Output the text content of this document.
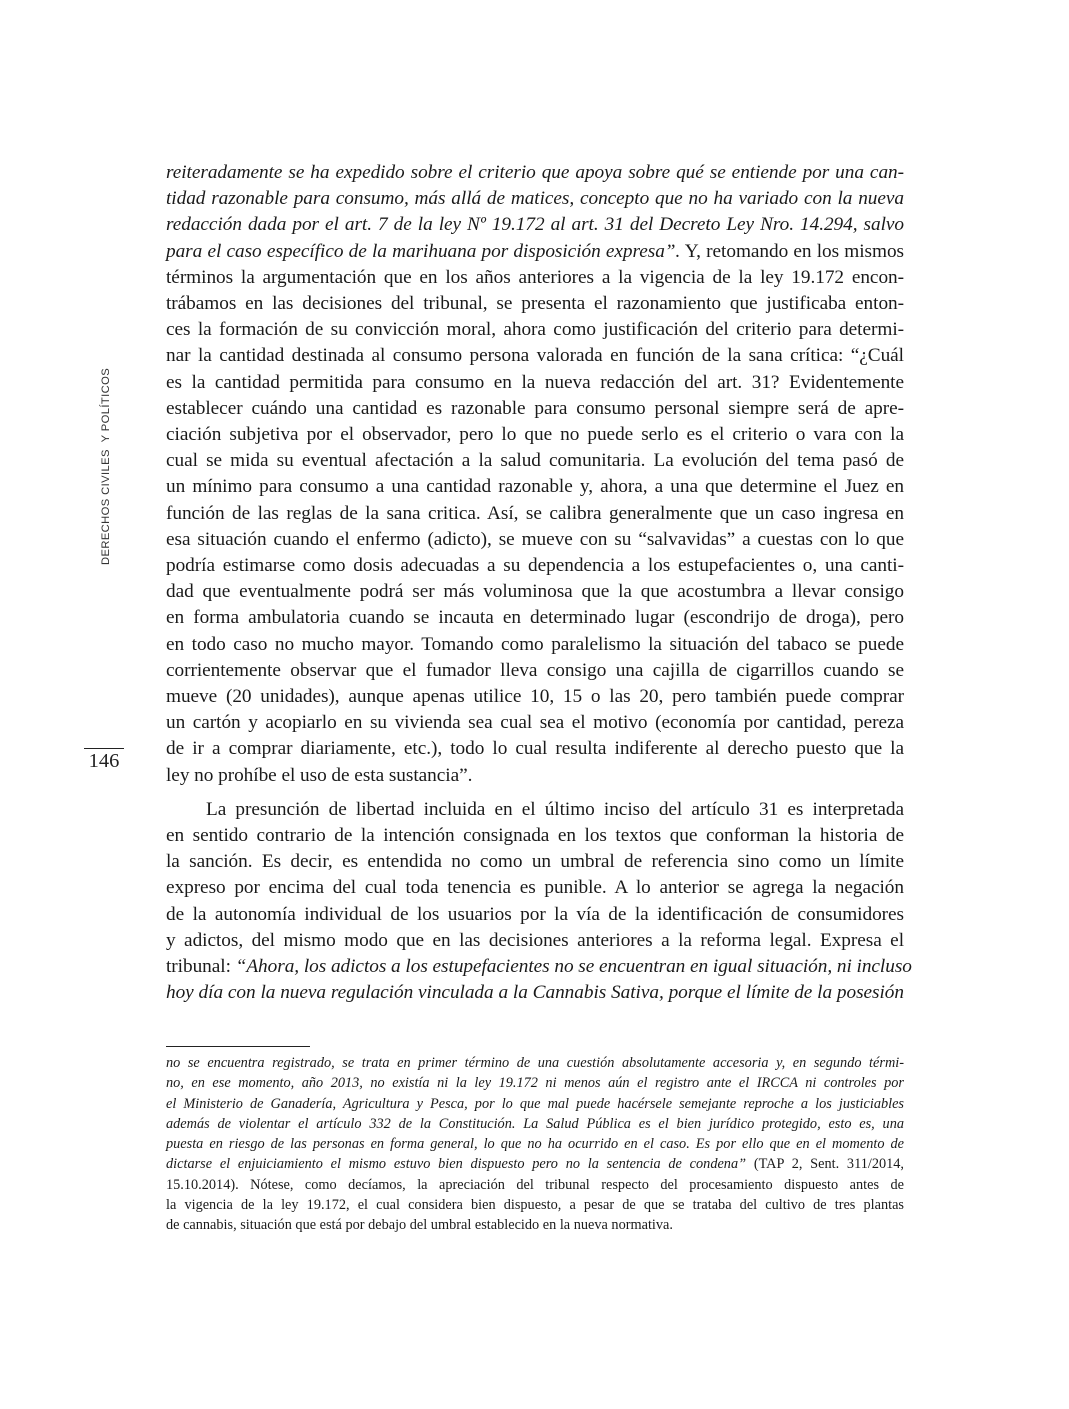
DERECHOS CIVILES  Y POLÍTICOS
146

reiteradamente se ha expedido sobre el criterio que apoya sobre qué se entiende por una can-
tidad razonable para consumo, más allá de matices, concepto que no ha variado con la nueva
redacción dada por el art. 7 de la ley Nº 19.172 al art. 31 del Decreto Ley Nro. 14.294, salvo
para el caso específico de la marihuana por disposición expresa”. Y, retomando en los mismos
términos la argumentación que en los años anteriores a la vigencia de la ley 19.172 encon-
trábamos en las decisiones del tribunal, se presenta el razonamiento que justificaba enton-
ces la formación de su convicción moral, ahora como justificación del criterio para determi-
nar la cantidad destinada al consumo persona valorada en función de la sana crítica: “¿Cuál
es la cantidad permitida para consumo en la nueva redacción del art. 31? Evidentemente
establecer cuándo una cantidad es razonable para consumo personal siempre será de apre-
ciación subjetiva por el observador, pero lo que no puede serlo es el criterio o vara con la
cual se mida su eventual afectación a la salud comunitaria. La evolución del tema pasó de
un mínimo para consumo a una cantidad razonable y, ahora, a una que determine el Juez en
función de las reglas de la sana critica. Así, se calibra generalmente que un caso ingresa en
esa situación cuando el enfermo (adicto), se mueve con su “salvavidas” a cuestas con lo que
podría estimarse como dosis adecuadas a su dependencia a los estupefacientes o, una canti-
dad que eventualmente podrá ser más voluminosa que la que acostumbra a llevar consigo
en forma ambulatoria cuando se incauta en determinado lugar (escondrijo de droga), pero
en todo caso no mucho mayor. Tomando como paralelismo la situación del tabaco se puede
corrientemente observar que el fumador lleva consigo una cajilla de cigarrillos cuando se
mueve (20 unidades), aunque apenas utilice 10, 15 o las 20, pero también puede comprar
un cartón y acopiarlo en su vivienda sea cual sea el motivo (economía por cantidad, pereza
de ir a comprar diariamente, etc.), todo lo cual resulta indiferente al derecho puesto que la
ley no prohíbe el uso de esta sustancia”.

La presunción de libertad incluida en el último inciso del artículo 31 es interpretada
en sentido contrario de la intención consignada en los textos que conforman la historia de
la sanción. Es decir, es entendida no como un umbral de referencia sino como un límite
expreso por encima del cual toda tenencia es punible. A lo anterior se agrega la negación
de la autonomía individual de los usuarios por la vía de la identificación de consumidores
y adictos, del mismo modo que en las decisiones anteriores a la reforma legal. Expresa el
tribunal: “Ahora, los adictos a los estupefacientes no se encuentran en igual situación, ni incluso
hoy día con la nueva regulación vinculada a la Cannabis Sativa, porque el límite de la posesión

no se encuentra registrado, se trata en primer término de una cuestión absolutamente accesoria y, en segundo térmi-
no, en ese momento, año 2013, no existía ni la ley 19.172 ni menos aún el registro ante el IRCCA ni controles por
el Ministerio de Ganadería, Agricultura y Pesca, por lo que mal puede hacérsele semejante reproche a los justiciables
además de violentar el artículo 332 de la Constitución. La Salud Pública es el bien jurídico protegido, esto es, una
puesta en riesgo de las personas en forma general, lo que no ha ocurrido en el caso. Es por ello que en el momento de
dictarse el enjuiciamiento el mismo estuvo bien dispuesto pero no la sentencia de condena” (TAP 2, Sent. 311/2014,
15.10.2014). Nótese, como decíamos, la apreciación del tribunal respecto del procesamiento dispuesto antes de
la vigencia de la ley 19.172, el cual considera bien dispuesto, a pesar de que se trataba del cultivo de tres plantas
de cannabis, situación que está por debajo del umbral establecido en la nueva normativa.
